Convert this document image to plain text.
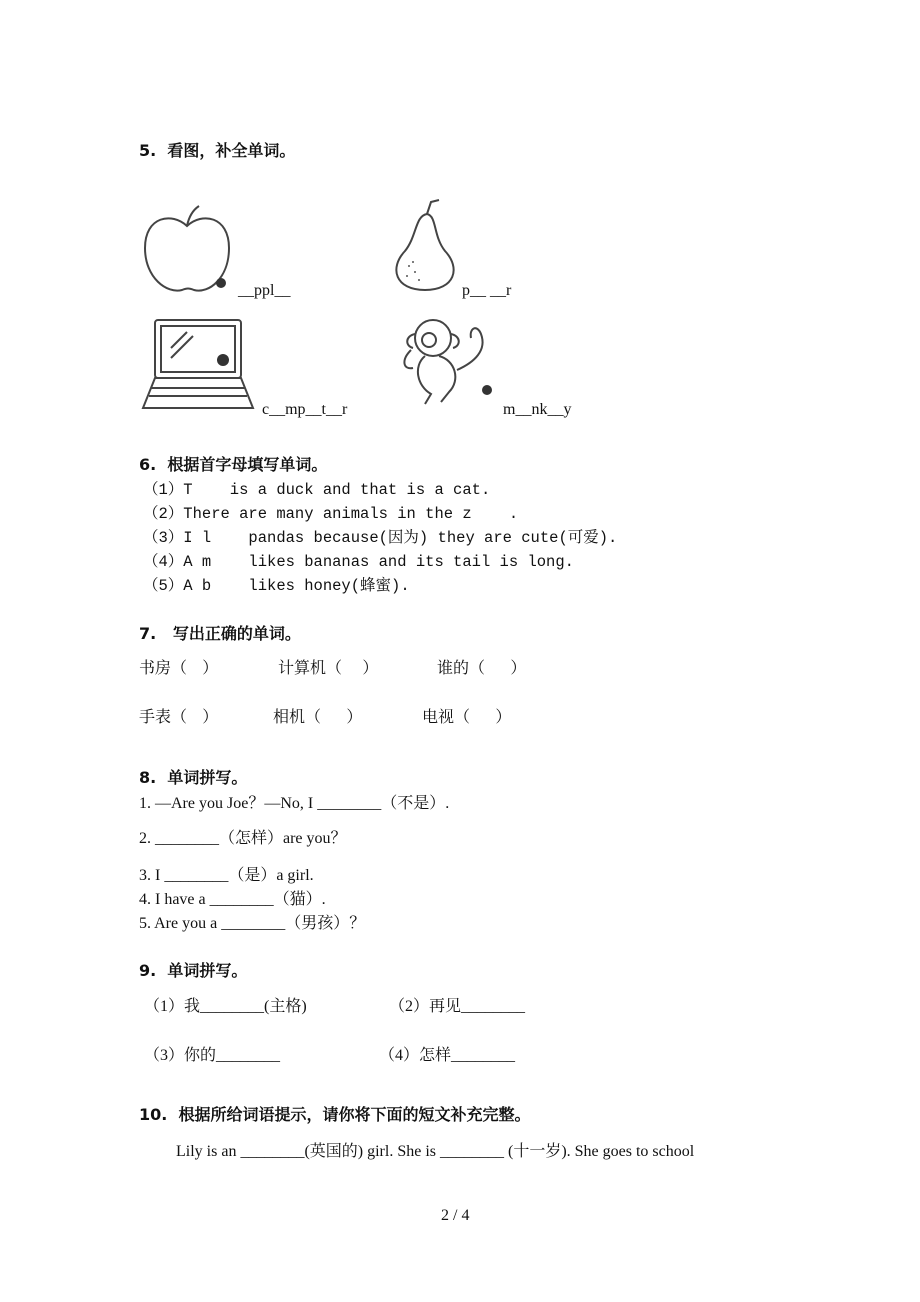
5.  看图，补全单词。
__ppl__	p__ __r
c__mp__t__r	m__nk__y
6.  根据首字母填写单词。
（1）T    is a duck and that is a cat.
（2）There are many animals in the z    .
（3）I l    pandas because(因为) they are cute(可爱).
（4）A m    likes bananas and its tail is long.
（5）A b    likes honey(蜂蜜).
7.   写出正确的单词。
书房（   ）	计算机（    ）	谁的（     ）
手表（   ）	相机（     ）	电视（     ）
8.  单词拼写。
1. —Are you Joe？—No, I ________（不是）.
2. ________（怎样）are you？
3. I ________（是）a girl.
4. I have a ________（猫）.
5. Are you a ________（男孩）？
9.  单词拼写。
（1）我________(主格)	（2）再见________
（3）你的________	（4）怎样________
10.  根据所给词语提示，请你将下面的短文补充完整。
Lily is an ________(英国的) girl. She is ________ (十一岁). She goes to school
2 / 4
